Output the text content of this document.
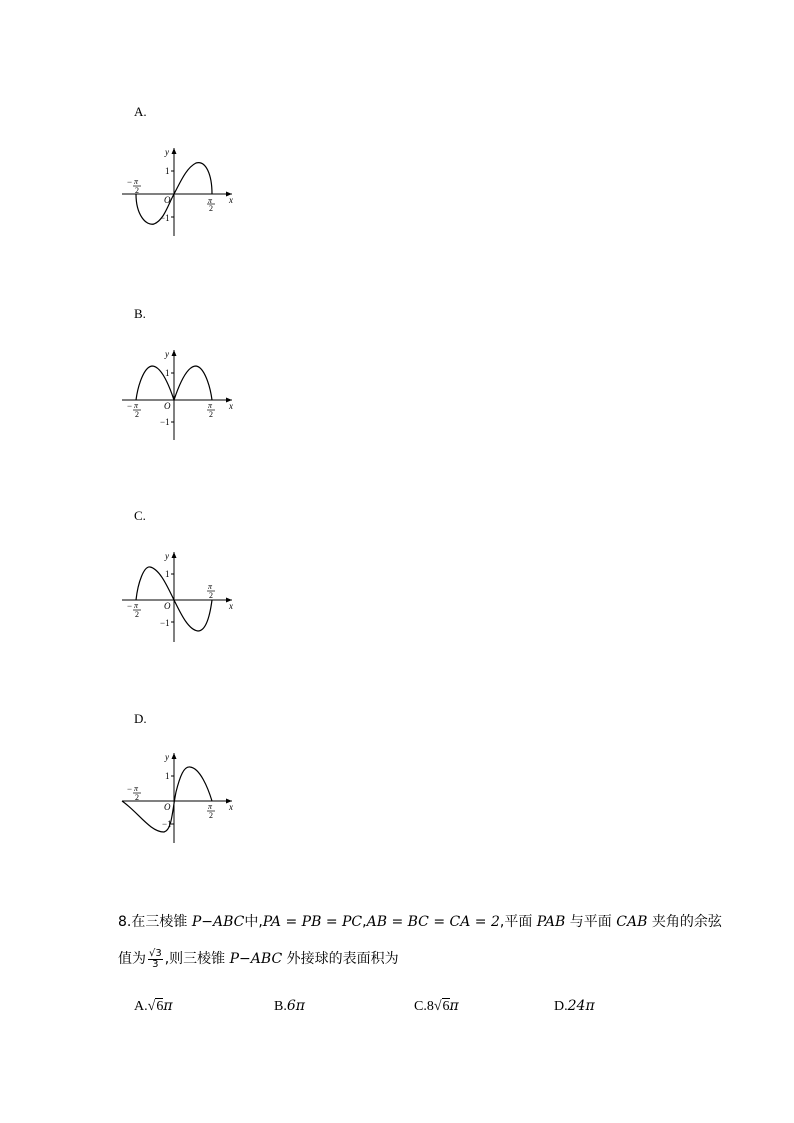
A.
B.
C.
D.
y
x
O
1
−1
− π
2
π
2
y
x
O
1
−1
− π
2
π
2
y
x
O
1
−1
− π
2
π
2
y
x
O
1
−1
− π
2
π
2
8.在三棱锥 P−ABC中,PA = PB = PC,AB = BC = CA = 2,平面 PAB 与平面 CAB 夹角的余弦
值为 $\frac{√3}{3}$ ,则三棱锥 P−ABC 外接球的表面积为
A.√6π	B.6π	C.8√6π	D.24π
